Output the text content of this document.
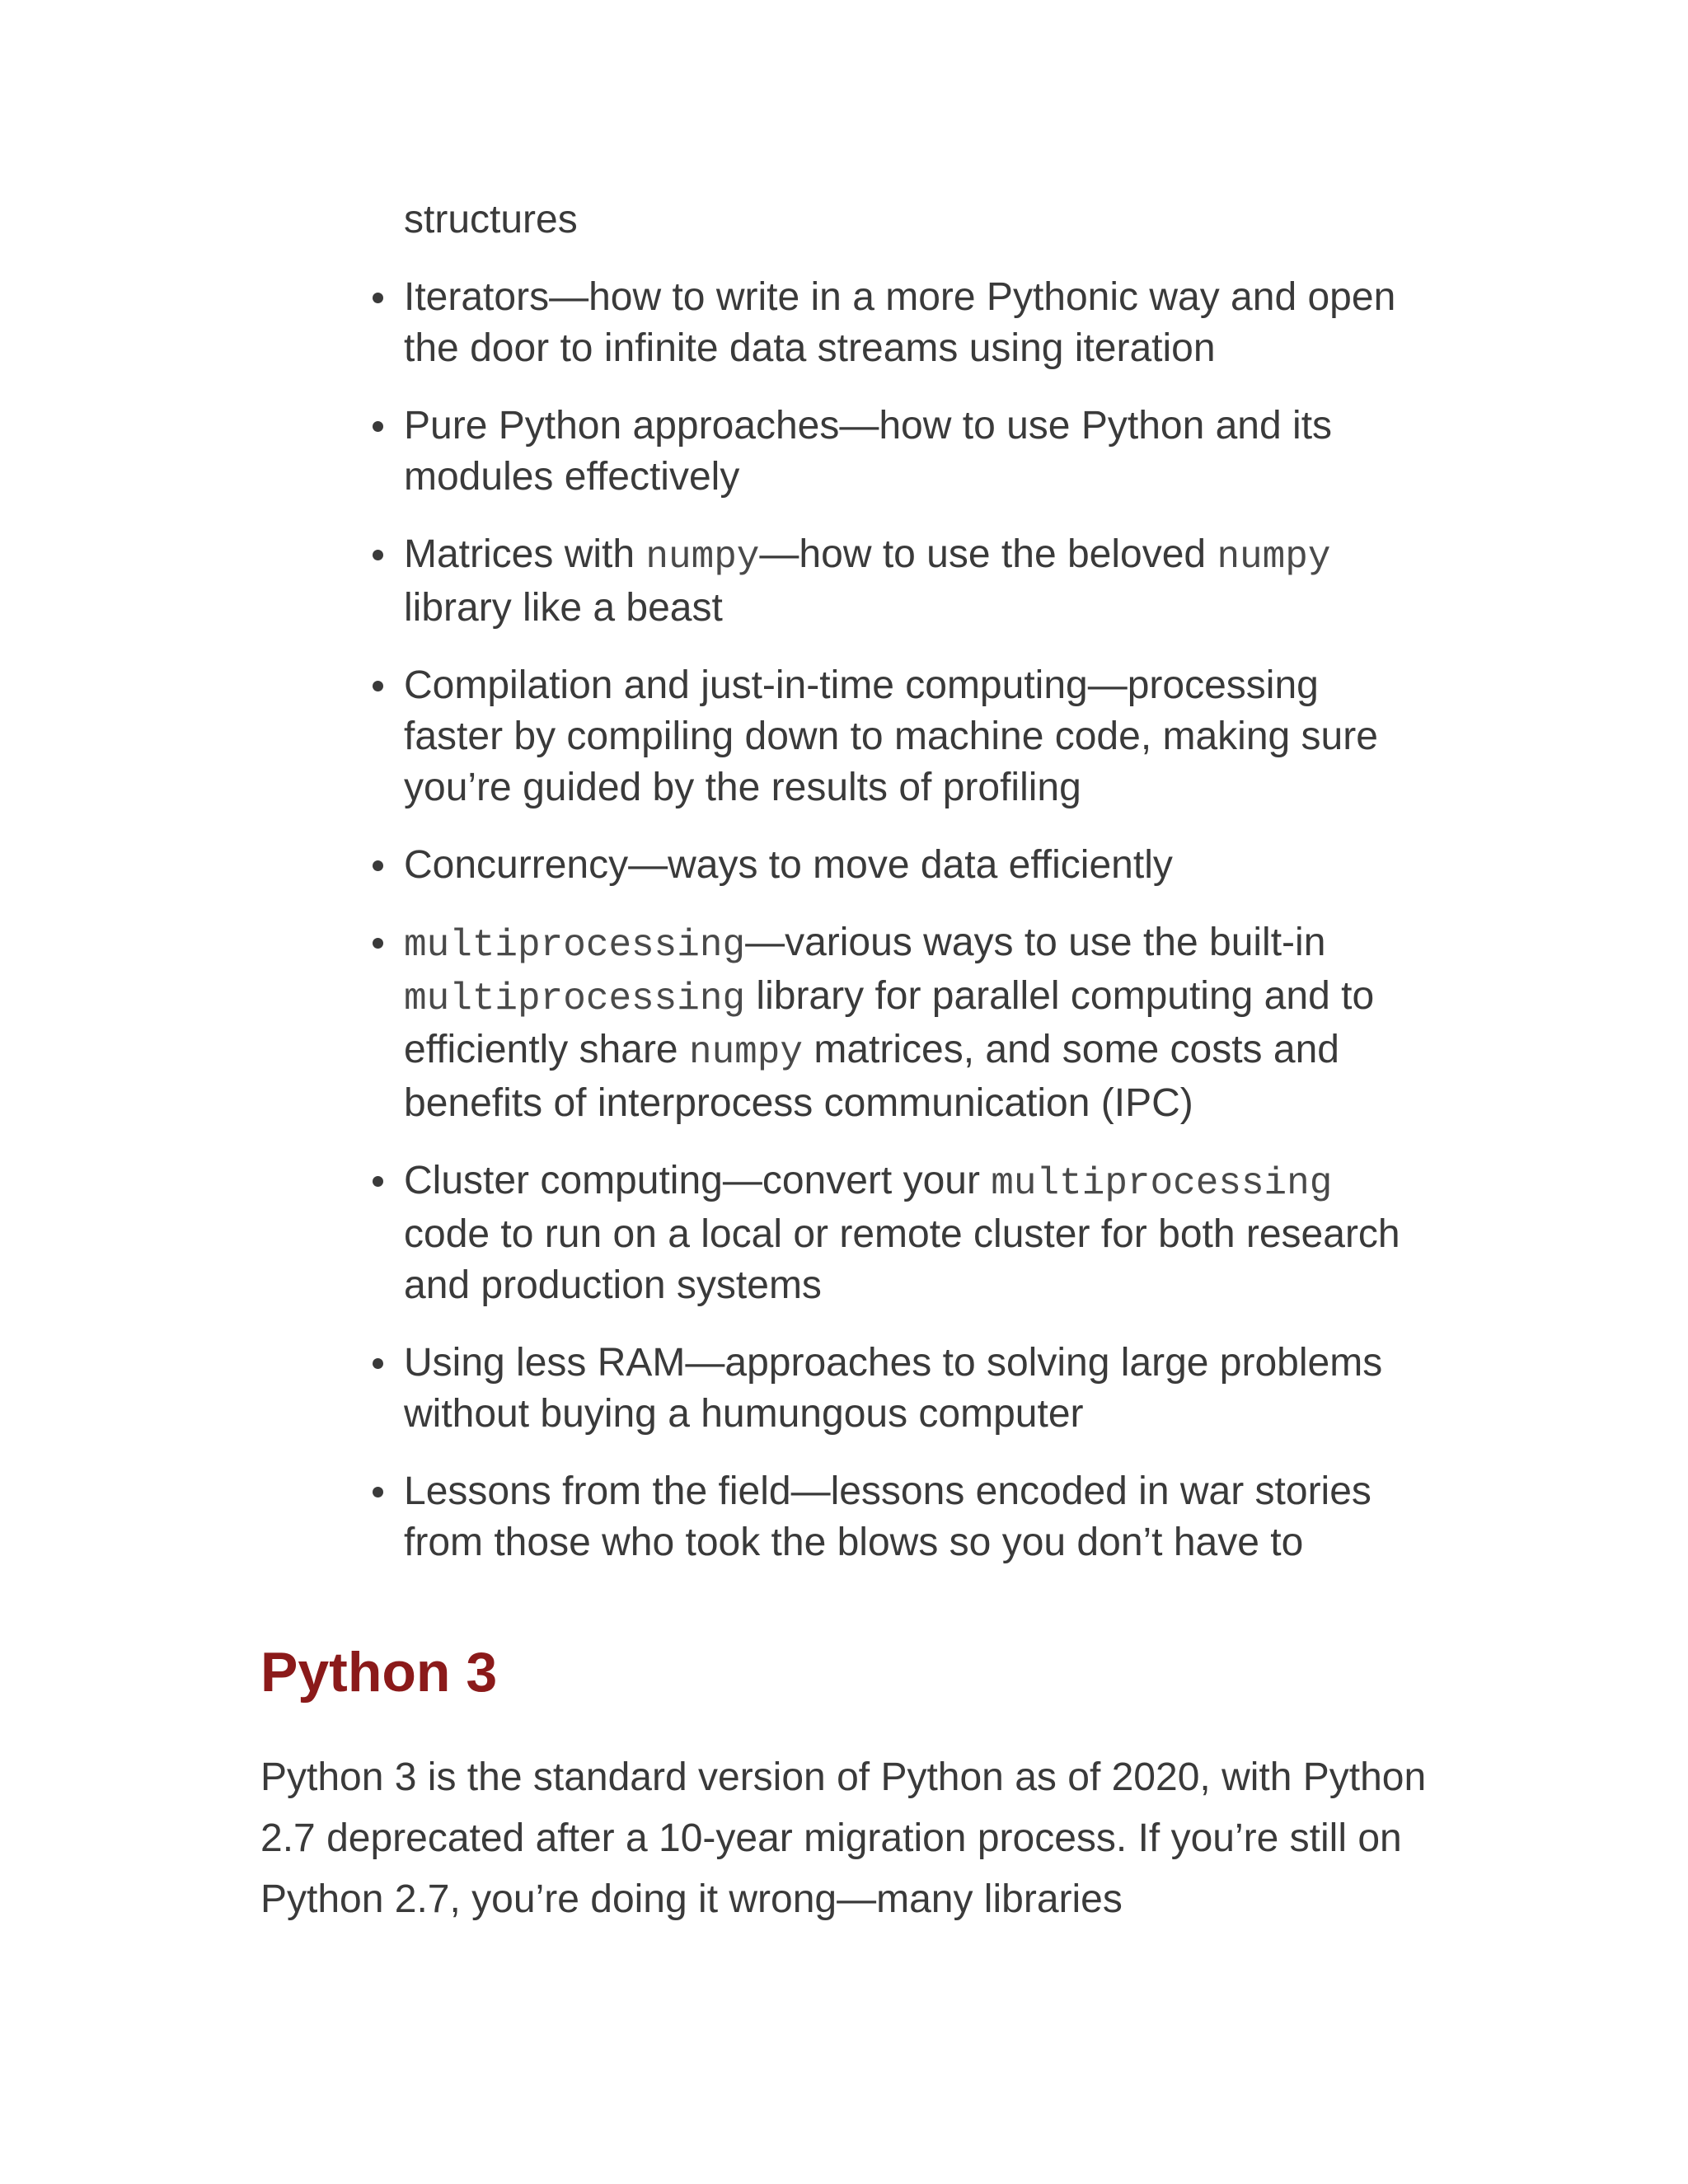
structures

Iterators—how to write in a more Pythonic way and open the door to infinite data streams using iteration
Pure Python approaches—how to use Python and its modules effectively
Matrices with numpy—how to use the beloved numpy library like a beast
Compilation and just-in-time computing—processing faster by compiling down to machine code, making sure you’re guided by the results of profiling
Concurrency—ways to move data efficiently
multiprocessing—various ways to use the built-in multiprocessing library for parallel computing and to efficiently share numpy matrices, and some costs and benefits of interprocess communication (IPC)
Cluster computing—convert your multiprocessing code to run on a local or remote cluster for both research and production systems
Using less RAM—approaches to solving large problems without buying a humungous computer
Lessons from the field—lessons encoded in war stories from those who took the blows so you don’t have to
Python 3

Python 3 is the standard version of Python as of 2020, with Python 2.7 deprecated after a 10-year migration process. If you’re still on Python 2.7, you’re doing it wrong—many libraries
